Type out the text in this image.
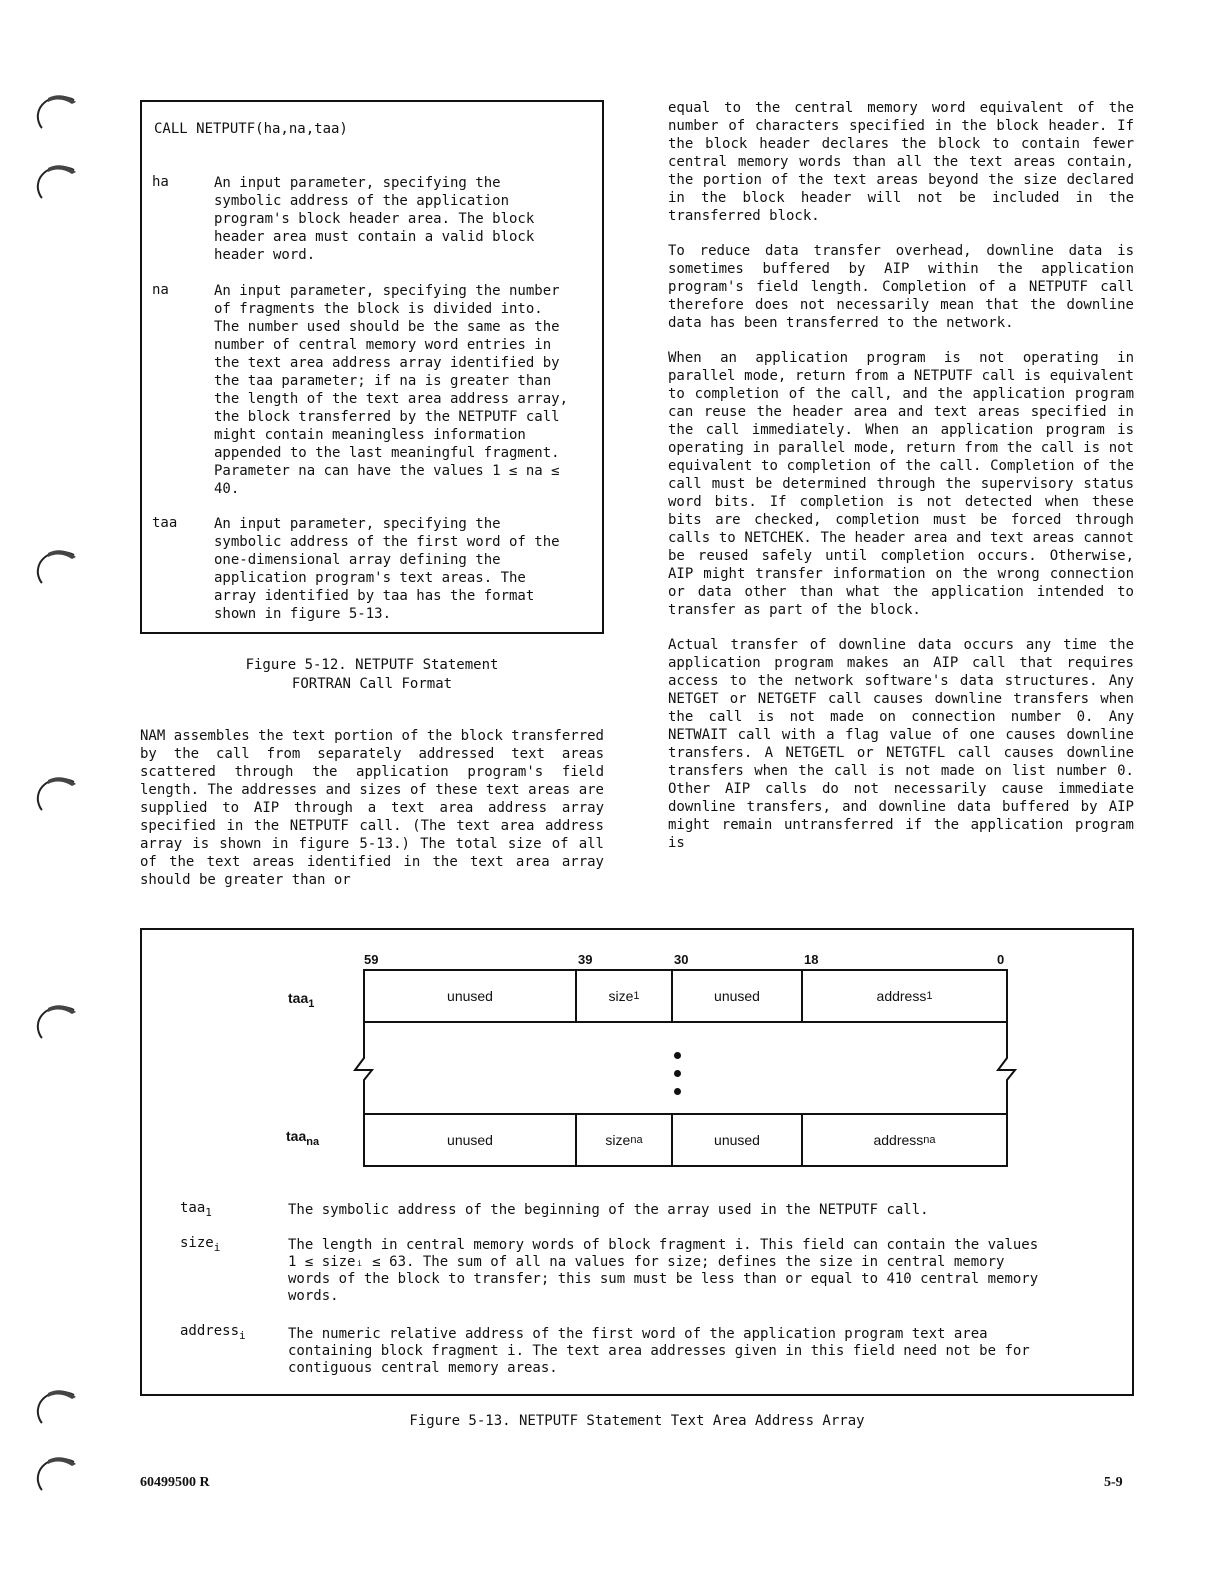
CALL NETPUTF(ha,na,taa)
ha	An input parameter, specifying the
symbolic address of the application
program's block header area. The block
header area must contain a valid block
header word.
na	An input parameter, specifying the number
of fragments the block is divided into.
The number used should be the same as the
number of central memory word entries in
the text area address array identified by
the taa parameter; if na is greater than
the length of the text area address array,
the block transferred by the NETPUTF call
might contain meaningless information
appended to the last meaningful fragment.
Parameter na can have the values 1 ≤ na ≤
40.
taa	An input parameter, specifying the
symbolic address of the first word of the
one-dimensional array defining the
application program's text areas. The
array identified by taa has the format
shown in figure 5-13.
Figure 5-12. NETPUTF Statement
FORTRAN Call Format

NAM assembles the text portion of the block transferred by the call from separately addressed text areas scattered through the application program's field length. The addresses and sizes of these text areas are supplied to AIP through a text area address array specified in the NETPUTF call. (The text area address array is shown in figure 5-13.) The total size of all of the text areas identified in the text area array should be greater than or

equal to the central memory word equivalent of the number of characters specified in the block header. If the block header declares the block to contain fewer central memory words than all the text areas contain, the portion of the text areas beyond the size declared in the block header will not be included in the transferred block.

To reduce data transfer overhead, downline data is sometimes buffered by AIP within the application program's field length. Completion of a NETPUTF call therefore does not necessarily mean that the downline data has been transferred to the network.

When an application program is not operating in parallel mode, return from a NETPUTF call is equivalent to completion of the call, and the application program can reuse the header area and text areas specified in the call immediately. When an application program is operating in parallel mode, return from the call is not equivalent to completion of the call. Completion of the call must be determined through the supervisory status word bits. If completion is not detected when these bits are checked, completion must be forced through calls to NETCHEK. The header area and text areas cannot be reused safely until completion occurs. Otherwise, AIP might transfer information on the wrong connection or data other than what the application intended to transfer as part of the block.

Actual transfer of downline data occurs any time the application program makes an AIP call that requires access to the network software's data structures. Any NETGET or NETGETF call causes downline transfers when the call is not made on connection number 0. Any NETWAIT call with a flag value of one causes downline transfers. A NETGETL or NETGTFL call causes downline transfers when the call is not made on list number 0. Other AIP calls do not necessarily cause immediate downline transfers, and downline data buffered by AIP might remain untransferred if the application program is

59	39	30	18	0
taa$_1$	unused	size 1	unused	address 1
taa$_{na}$	unused	size na	unused	address na
taa$_1$	The symbolic address of the beginning of the array used in the NETPUTF call.
size$_i$	The length in central memory words of block fragment i. This field can contain the values
1 ≤ sizeᵢ ≤ 63. The sum of all na values for size; defines the size in central memory
words of the block to transfer; this sum must be less than or equal to 410 central memory
words.
address$_i$	The numeric relative address of the first word of the application program text area
containing block fragment i. The text area addresses given in this field need not be for
contiguous central memory areas.
Figure 5-13. NETPUTF Statement Text Area Address Array
60499500 R	5-9
